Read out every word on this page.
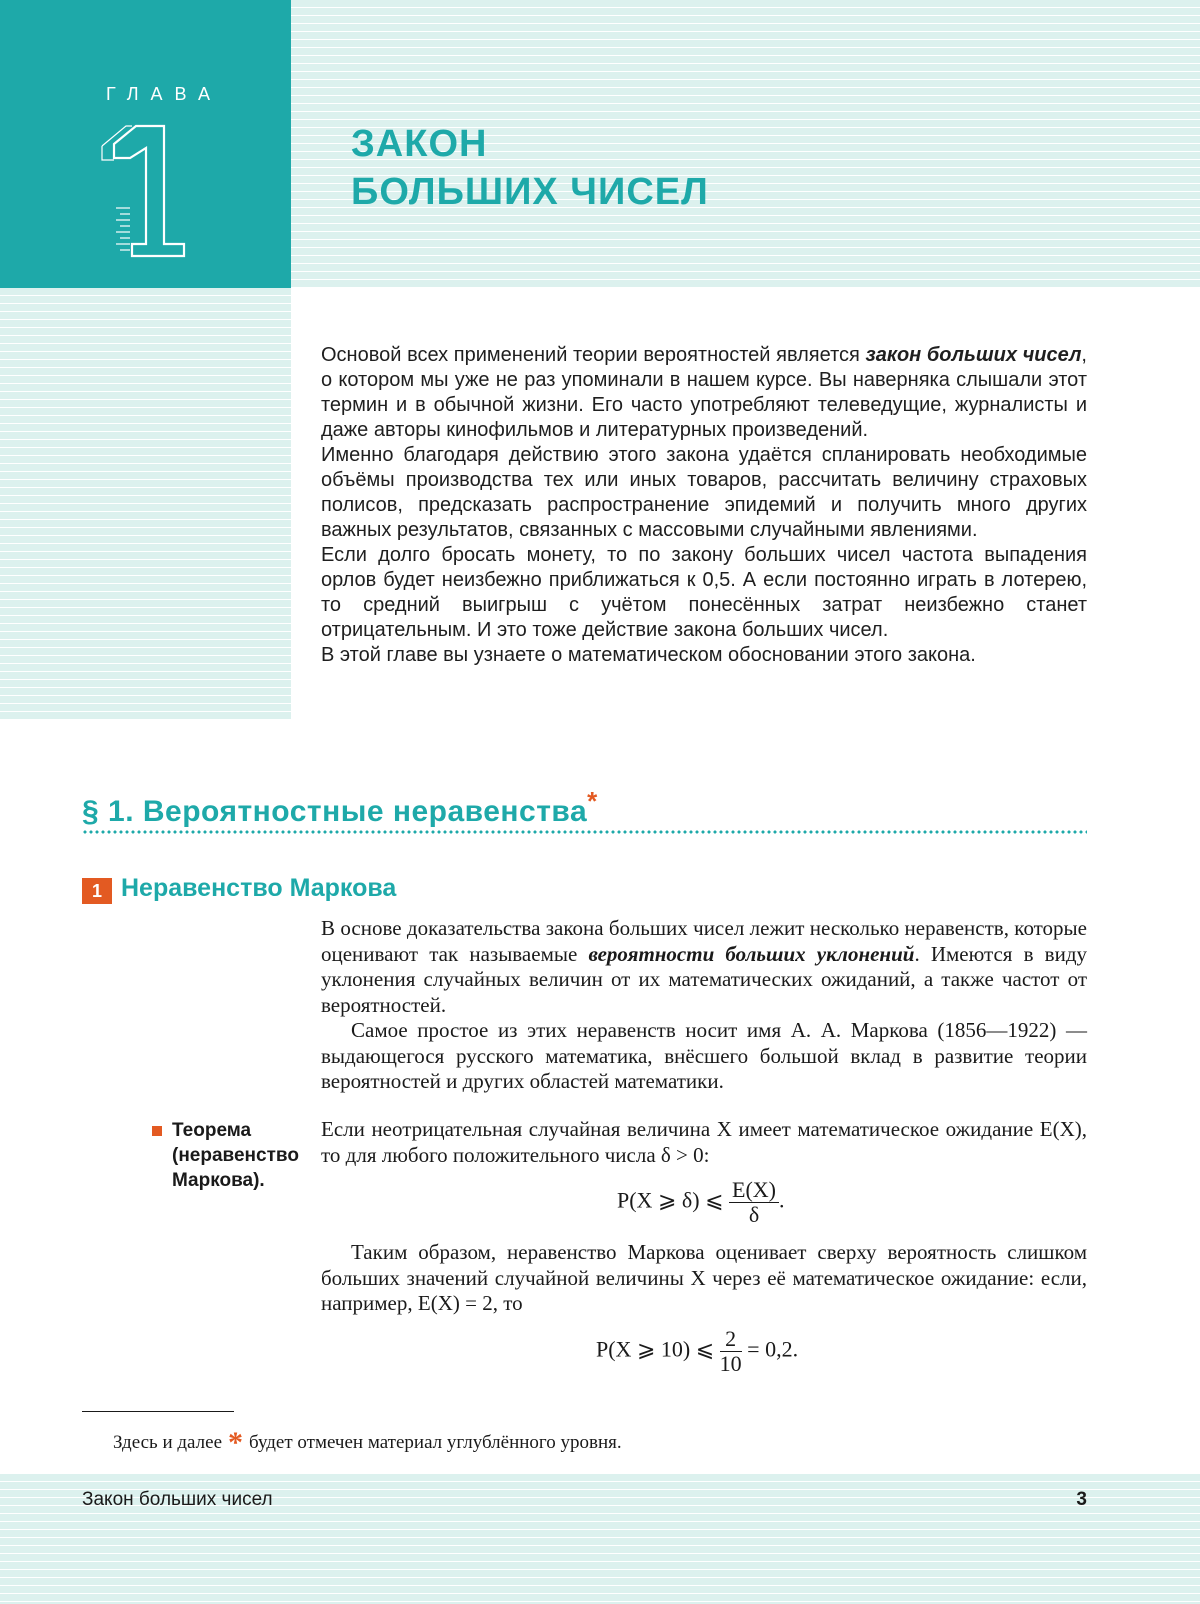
ГЛАВА
1
ЗАКОН
БОЛЬШИХ ЧИСЕЛ

Основой всех применений теории вероятностей является закон больших чисел, о котором мы уже не раз упоминали в нашем курсе. Вы наверняка слышали этот термин и в обычной жизни. Его часто употребляют телеведущие, журналисты и даже авторы кинофильмов и литературных произведений.

Именно благодаря действию этого закона удаётся спланировать необходимые объёмы производства тех или иных товаров, рассчитать величину страховых полисов, предсказать распространение эпидемий и получить много других важных результатов, связанных с массовыми случайными явлениями.

Если долго бросать монету, то по закону больших чисел частота выпадения орлов будет неизбежно приближаться к 0,5. А если постоянно играть в лотерею, то средний выигрыш с учётом понесённых затрат неизбежно станет отрицательным. И это тоже действие закона больших чисел.

В этой главе вы узнаете о математическом обосновании этого закона.

§ 1. Вероятностные неравенства*
1 Неравенство Маркова

В основе доказательства закона больших чисел лежит несколько неравенств, которые оценивают так называемые вероятности больших уклонений. Имеются в виду уклонения случайных величин от их математических ожиданий, а также частот от вероятностей.

Самое простое из этих неравенств носит имя А. А. Маркова (1856—1922) — выдающегося русского математика, внёсшего большой вклад в развитие теории вероятностей и других областей математики.

Теорема (неравенство Маркова).
Если неотрицательная случайная величина X имеет математическое ожидание E(X), то для любого положительного числа δ > 0:
P(X ⩾ δ) ⩽ $\frac{E(X)}{\delta}$ .

Таким образом, неравенство Маркова оценивает сверху вероятность слишком больших значений случайной величины X через её математическое ожидание: если, например, E(X) = 2, то

P(X ⩾ 10) ⩽ $\frac{2}{10} = 0,2$.
Здесь и далее * будет отмечен материал углублённого уровня.
Закон больших чисел	3
